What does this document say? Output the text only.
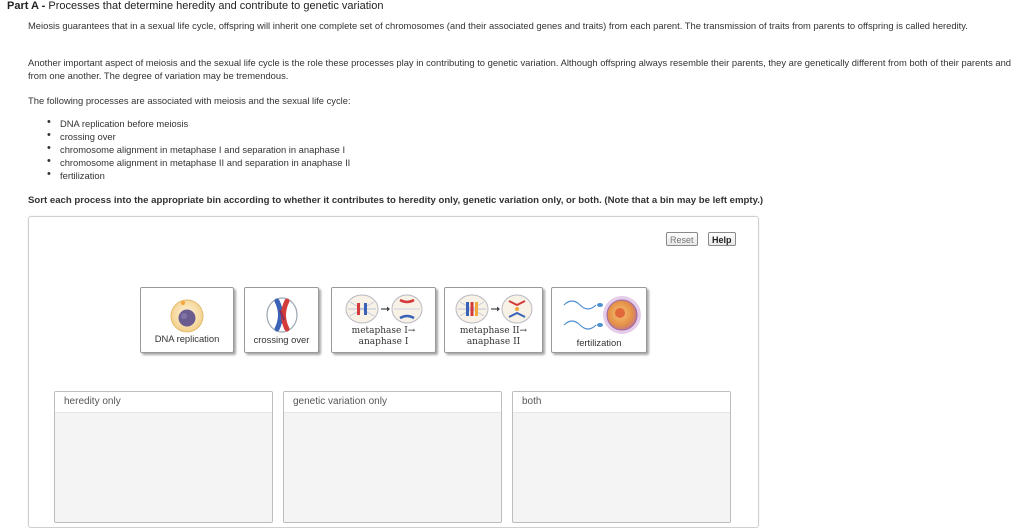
Part A - Processes that determine heredity and contribute to genetic variation
Meiosis guarantees that in a sexual life cycle, offspring will inherit one complete set of chromosomes (and their associated genes and traits) from each parent. The transmission of traits from parents to offspring is called heredity.
Another important aspect of meiosis and the sexual life cycle is the role these processes play in contributing to genetic variation. Although offspring always resemble their parents, they are genetically different from both of their parents and from one another. The degree of variation may be tremendous.
The following processes are associated with meiosis and the sexual life cycle:
• DNA replication before meiosis
• crossing over
• chromosome alignment in metaphase I and separation in anaphase I
• chromosome alignment in metaphase II and separation in anaphase II
• fertilization
Sort each process into the appropriate bin according to whether it contributes to heredity only, genetic variation only, or both. (Note that a bin may be left empty.)
Reset	Help
DNA replication	crossing over
metaphase I→
anaphase I
metaphase II→
anaphase II	fertilization
heredity only	genetic variation only	both
